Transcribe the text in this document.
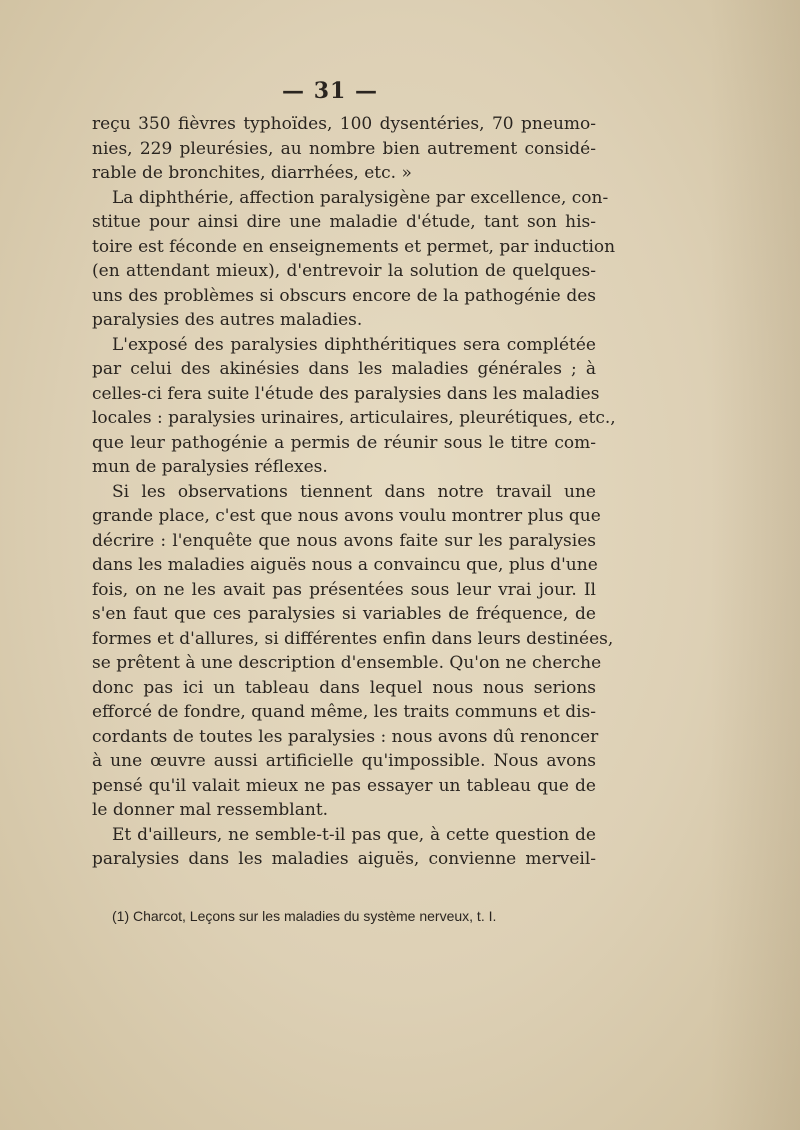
— 31 —
reçu 350 fièvres typhoïdes, 100 dysentéries, 70 pneumo-
nies, 229 pleurésies, au nombre bien autrement considé-
rable de bronchites, diarrhées, etc. »
La diphthérie, affection paralysigène par excellence, con-
stitue pour ainsi dire une maladie d'étude, tant son his-
toire est féconde en enseignements et permet, par induction
(en attendant mieux), d'entrevoir la solution de quelques-
uns des problèmes si obscurs encore de la pathogénie des
paralysies des autres maladies.
L'exposé des paralysies diphthéritiques sera complétée
par celui des akinésies dans les maladies générales ; à
celles-ci fera suite l'étude des paralysies dans les maladies
locales : paralysies urinaires, articulaires, pleurétiques, etc.,
que leur pathogénie a permis de réunir sous le titre com-
mun de paralysies réflexes.
Si les observations tiennent dans notre travail une
grande place, c'est que nous avons voulu montrer plus que
décrire : l'enquête que nous avons faite sur les paralysies
dans les maladies aiguës nous a convaincu que, plus d'une
fois, on ne les avait pas présentées sous leur vrai jour. Il
s'en faut que ces paralysies si variables de fréquence, de
formes et d'allures, si différentes enfin dans leurs destinées,
se prêtent à une description d'ensemble. Qu'on ne cherche
donc pas ici un tableau dans lequel nous nous serions
efforcé de fondre, quand même, les traits communs et dis-
cordants de toutes les paralysies : nous avons dû renoncer
à une œuvre aussi artificielle qu'impossible. Nous avons
pensé qu'il valait mieux ne pas essayer un tableau que de
le donner mal ressemblant.
Et d'ailleurs, ne semble-t-il pas que, à cette question de
paralysies dans les maladies aiguës, convienne merveil-
(1) Charcot, Leçons sur les maladies du système nerveux, t. I.
